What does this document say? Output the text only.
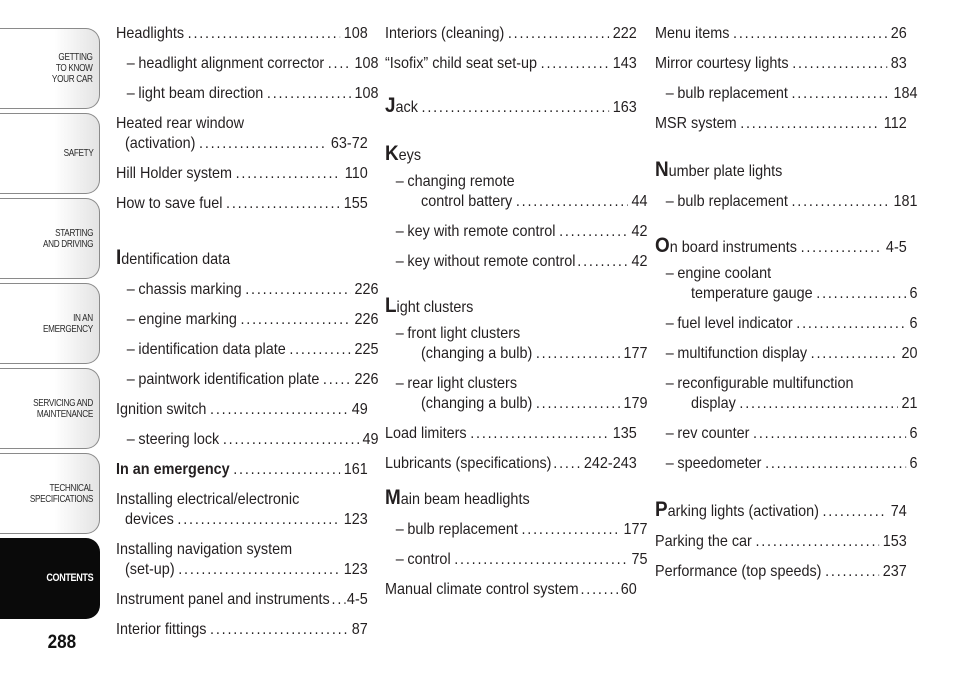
GETTING
TO KNOW
YOUR CAR
SAFETY
STARTING
AND DRIVING
IN AN
EMERGENCY
SERVICING AND
MAINTENANCE
TECHNICAL
SPECIFICATIONS
CONTENTS
288
Headlights .....	108
– headlight alignment corrector ..... 108
– light beam direction .....	108
Heated rear window
(activation) .....	63-72
Hill Holder system .....	110
How to save fuel .....	155
Identification data
– chassis marking .....	226
– engine marking .....	226
– identification data plate .....	225
– paintwork identification plate ..... 226
Ignition switch .....	49
– steering lock .....	49
In an emergency .....	161
Installing electrical/electronic
devices .....	123
Installing navigation system
(set-up) .....	123
Instrument panel and instruments ..... 4-5
Interior fittings .....	87
Interiors (cleaning) .....	222
“Isofix” child seat set-up .....	143
Jack .....	163
Keys
– changing remote
control battery .....	44
– key with remote control .....	42
– key without remote control .....	42
Light clusters
– front light clusters
(changing a bulb) .....	177
– rear light clusters
(changing a bulb) .....	179
Load limiters .....	135
Lubricants (specifications) ..... 242-243
Main beam headlights
– bulb replacement .....	177
– control .....	75
Manual climate control system .....	60
Menu items .....	26
Mirror courtesy lights .....	83
– bulb replacement .....	184
MSR system .....	112
Number plate lights
– bulb replacement .....	181
On board instruments .....	4-5
– engine coolant
temperature gauge .....	6
– fuel level indicator .....	6
– multifunction display .....	20
– reconfigurable multifunction
display .....	21
– rev counter .....	6
– speedometer .....	6
Parking lights (activation) .....	74
Parking the car .....	153
Performance (top speeds) .....	237
